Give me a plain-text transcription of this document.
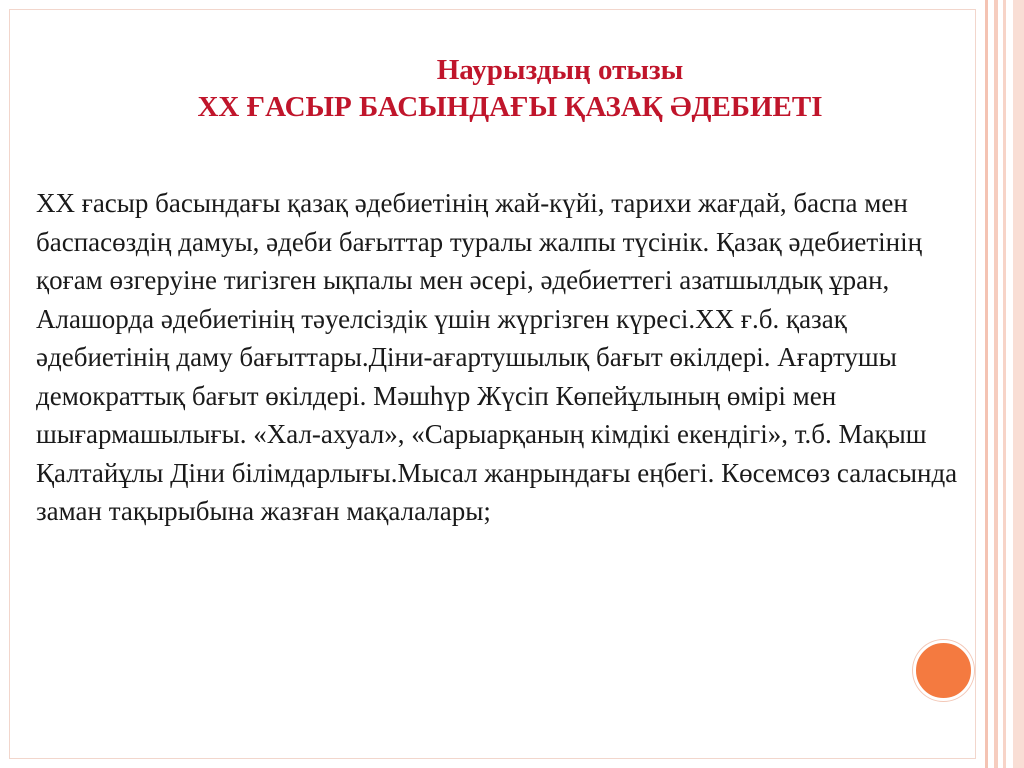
Наурыздың отызы
XX ҒАСЫР БАСЫНДАҒЫ ҚАЗАҚ ӘДЕБИЕТІ
XX ғасыр басындағы қазақ әдебиетінің жай-күйі, тарихи жағдай, баспа мен баспасөздің дамуы, әдеби бағыттар туралы жалпы түсінік. Қазақ әдебиетінің қоғам өзгеруіне тигізген ықпалы мен әсері, әдебиеттегі азатшылдық ұран, Алашорда әдебиетінің тәуелсіздік үшін жүргізген күресі.XX ғ.б. қазақ әдебиетінің даму бағыттары.Діни-ағартушылық бағыт өкілдері. Ағартушы демократтық бағыт өкілдері. Мәшһүр Жүсіп Көпейұлының өмірі мен шығармашылығы. «Хал-ахуал», «Сарыарқаның кімдікі екендігі», т.б. Мақыш Қалтайұлы Діни білімдарлығы.Мысал жанрындағы еңбегі. Көсемсөз саласында заман тақырыбына жазған мақалалары;
